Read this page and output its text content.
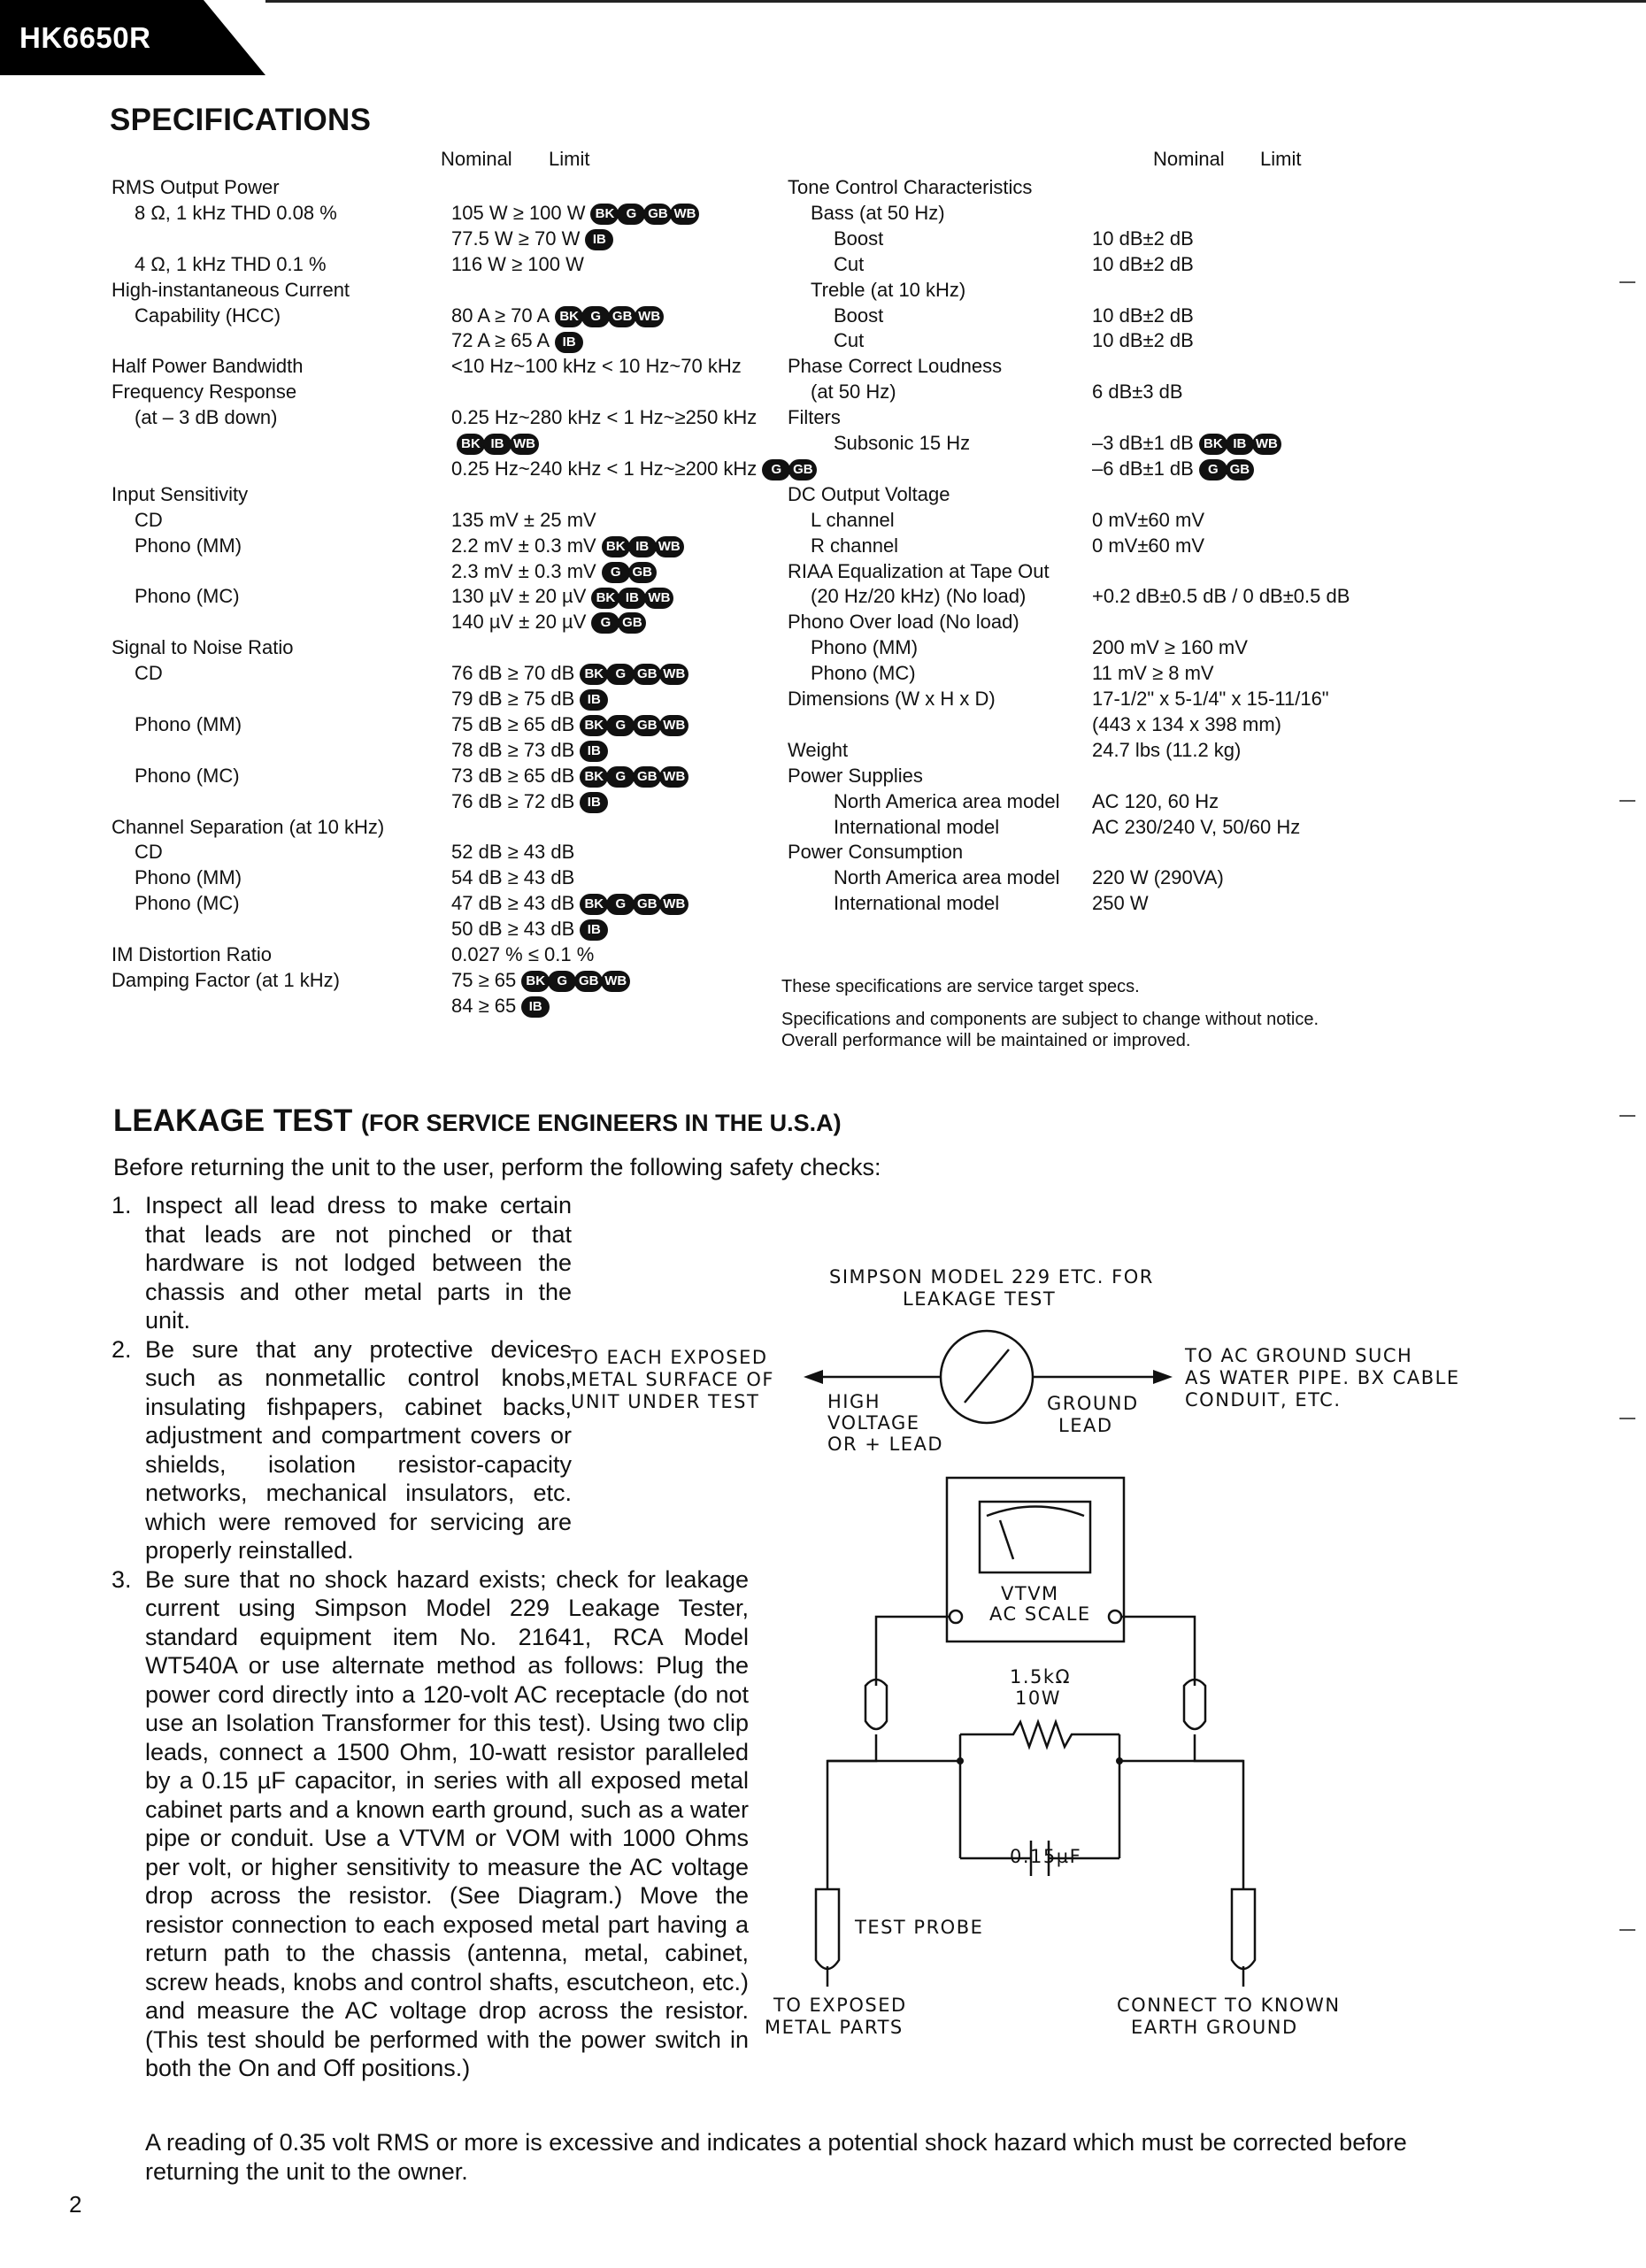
HK6650R
SPECIFICATIONS
Nominal Limit	Nominal Limit
RMS Output Power
8 Ω, 1 kHz THD 0.08 %	105 W ≥ 100 W BK G GB WB
77.5 W ≥ 70 W IB
4 Ω, 1 kHz THD 0.1 %	116 W ≥ 100 W
High-instantaneous Current
Capability (HCC)	80 A ≥ 70 A BK G GB WB
72 A ≥ 65 A IB
Half Power Bandwidth	<10 Hz~100 kHz < 10 Hz~70 kHz
Frequency Response
(at – 3 dB down)	0.25 Hz~280 kHz < 1 Hz~≥250 kHz
BK IB WB
0.25 Hz~240 kHz < 1 Hz~≥200 kHz	G GB
Input Sensitivity
CD	135 mV ± 25 mV
Phono (MM)	2.2 mV ± 0.3 mV BK IB WB
2.3 mV ± 0.3 mV	G GB
Phono (MC)	130 µV ± 20 µV BK IB WB
140 µV ± 20 µV	G GB
Signal to Noise Ratio
CD	76 dB ≥ 70 dB BK G GB WB
79 dB ≥ 75 dB IB
Phono (MM)	75 dB ≥ 65 dB BK G GB WB
78 dB ≥ 73 dB IB
Phono (MC)	73 dB ≥ 65 dB BK G GB WB
76 dB ≥ 72 dB IB
Channel Separation (at 10 kHz)
CD	52 dB ≥ 43 dB
Phono (MM)	54 dB ≥ 43 dB
Phono (MC)	47 dB ≥ 43 dB BK G GB WB
50 dB ≥ 43 dB IB
IM Distortion Ratio	0.027 % ≤ 0.1 %
Damping Factor (at 1 kHz)	75 ≥ 65 BK G GB WB
84 ≥ 65 IB
Tone Control Characteristics
Bass (at 50 Hz)
Boost	10 dB±2 dB
Cut	10 dB±2 dB
Treble (at 10 kHz)
Boost	10 dB±2 dB
Cut	10 dB±2 dB
Phase Correct Loudness
(at 50 Hz)	6 dB±3 dB
Filters
Subsonic 15 Hz	–3 dB±1 dB BK IB WB
–6 dB±1 dB	G GB
DC Output Voltage
L channel	0 mV±60 mV
R channel	0 mV±60 mV
RIAA Equalization at Tape Out
(20 Hz/20 kHz) (No load)	+0.2 dB±0.5 dB / 0 dB±0.5 dB
Phono Over load (No load)
Phono (MM)	200 mV ≥ 160 mV
Phono (MC)	11 mV ≥ 8 mV
Dimensions (W x H x D)	17-1/2" x 5-1/4" x 15-11/16"
(443 x 134 x 398 mm)
Weight	24.7 lbs (11.2 kg)
Power Supplies
North America area model AC 120, 60 Hz
International model	AC 230/240 V, 50/60 Hz
Power Consumption
North America area model 220 W (290VA)
International model	250 W
These specifications are service target specs.
Specifications and components are subject to change without notice.
Overall performance will be maintained or improved.
LEAKAGE TEST (FOR SERVICE ENGINEERS IN THE U.S.A)
Before returning the unit to the user, perform the following safety checks:
1. Inspect all lead dress to make certain that leads are not pinched or that hardware is not lodged between the chassis and other metal parts in the unit.
2. Be sure that any protective devices such as nonmetallic control knobs, insulating fishpapers, cabinet backs, adjustment and compartment covers or shields, isolation resistor-capacity networks, mechanical insulators, etc. which were removed for servicing are properly reinstalled.
3. Be sure that no shock hazard exists; check for leakage current using Simpson Model 229 Leakage Tester, standard equipment item No. 21641, RCA Model WT540A or use alternate method as follows: Plug the power cord directly into a 120-volt AC receptacle (do not use an Isolation Transformer for this test). Using two clip leads, connect a 1500 Ohm, 10-watt resistor paralleled by a 0.15 µF capacitor, in series with all exposed metal cabinet parts and a known earth ground, such as a water pipe or conduit. Use a VTVM or VOM with 1000 Ohms per volt, or higher sensitivity to measure the AC voltage drop across the resistor. (See Diagram.) Move the resistor connection to each exposed metal part having a return path to the chassis (antenna, metal, cabinet, screw heads, knobs and control shafts, escutcheon, etc.) and measure the AC voltage drop across the resistor. (This test should be performed with the power switch in both the On and Off positions.)
A reading of 0.35 volt RMS or more is excessive and indicates a potential shock hazard which must be corrected before returning the unit to the owner.
SIMPSON MODEL 229 ETC. FOR
LEAKAGE TEST
TO EACH EXPOSED
METAL SURFACE OF
UNIT UNDER TEST	HIGH
VOLTAGE
OR + LEAD
GROUND
LEAD
TO AC GROUND SUCH
AS WATER PIPE. BX CABLE
CONDUIT, ETC.
VTVM
AC SCALE
1.5kΩ
10W
0.15µF
TEST PROBE
TO EXPOSED
METAL PARTS
CONNECT TO KNOWN
EARTH GROUND
2
